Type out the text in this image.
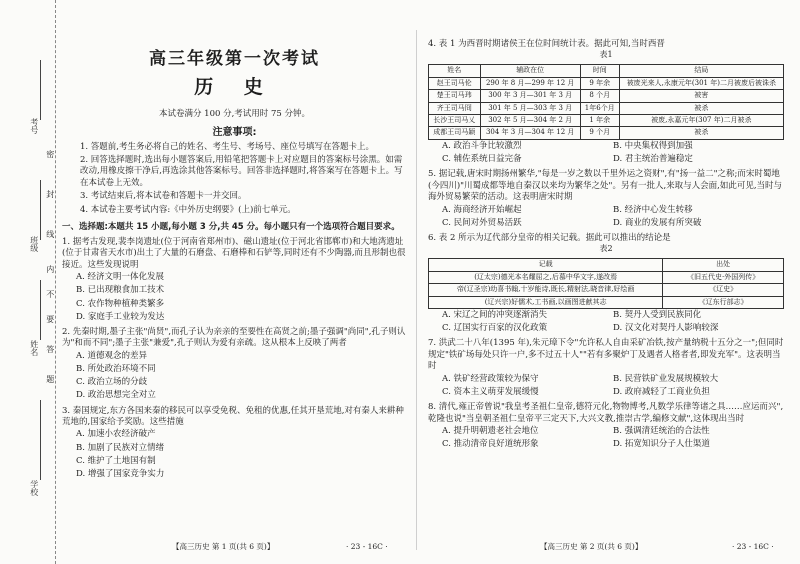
考号
班级
姓名
学校
密
封
线
内
不
要
答
题
高三年级第一次考试
历 史
本试卷满分 100 分,考试用时 75 分钟。
注意事项:
1. 答题前,考生务必将自己的姓名、考生号、考场号、座位号填写在答题卡上。
2. 回答选择题时,选出每小题答案后,用铅笔把答题卡上对应题目的答案标号涂黑。如需改动,用橡皮擦干净后,再选涂其他答案标号。回答非选择题时,将答案写在答题卡上。写在本试卷上无效。
3. 考试结束后,将本试卷和答题卡一并交回。
4. 本试卷主要考试内容:《中外历史纲要》(上)前七单元。
一、选择题:本题共 15 小题,每小题 3 分,共 45 分。每小题只有一个选项符合题目要求。
1. 据考古发现,裴李岗遗址(位于河南省郑州市)、磁山遗址(位于河北省邯郸市)和大地湾遗址(位于甘肃省天水市)出土了大量的石磨盘、石磨棒和石铲等,同时还有不少陶器,而且形制也很接近。这些发现说明
A. 经济文明一体化发展
B. 已出现粮食加工技术
C. 农作物种植种类繁多
D. 家庭手工业较为发达
2. 先秦时期,墨子主张"尚贤",而孔子认为亲亲的至要性在高贤之前;墨子强调"尚同",孔子则认为"和而不同";墨子主张"兼爱",孔子则认为爱有亲疏。这从根本上反映了两者
A. 道德观念的差异
B. 所处政治环境不同
C. 政治立场的分歧
D. 政治思想完全对立
3. 秦国规定,东方各国来秦的移民可以享受免税、免租的优惠,任其开垦荒地,对有秦人来耕种荒地的,国家给予奖励。这些措施
A. 加速小农经济破产
B. 加剧了民族对立情绪
C. 维护了土地国有制
D. 增强了国家竞争实力
4. 表 1 为西晋时期诸侯王在位时间统计表。据此可知,当时西晋
表1
姓名	辅政在位	时间	结局
赵王司马伦	290 年 8 月—299 年 12 月	9 年余	被废光来人,永康元年(301 年)二月被废后被诛杀
楚王司马玮	300 年 3 月—301 年 3 月	8 个月	被害
齐王司马冏	301 年 5 月—303 年 3 月	1年6个月	被杀
长沙王司马乂	302 年 5 月—304 年 2 月	1 年余	被废,永嘉元年(307 年)二月被杀
成都王司马颖	304 年 3 月—304 年 12 月	9 个月	被杀
A. 政治斗争比较激烈	B. 中央集权得到加强
C. 辅佐系统日益完备	D. 君主统治普遍稳定
5. 据记载,唐宋时期扬州繁华,"每是一岁之数以千里外运之资财",有"扬一益二"之称;而宋时蜀地(今四川)"川蜀成都等地自秦汉以来均为繁华之处"。另有一批人,来取与人会面,如此可见,当时与海外贸易繁荣的活动。这表明唐宋时期
A. 海商经济开始崛起	B. 经济中心发生转移
C. 民间对外贸易活跃	D. 商业的发展有所突破
6. 表 2 所示为辽代部分皇帝的相关记载。据此可以推出的结论是
表2
记载	出处
(辽太宗)德光本名耀屈之,后慕中华文字,遂改焉	《旧五代史·外国列传》
帝(辽圣宗)幼喜书翰,十岁能诗,既长,精射法,晓音律,好绘画	《辽史》
(辽兴宗)好儒术,工书画,以画图进献其志	《辽东行部志》
A. 宋辽之间的冲突逐渐消失	B. 契丹人受到民族同化
C. 辽国实行百家的汉化政策	D. 汉文化对契丹人影响较深
7. 洪武二十八年(1395 年),朱元璋下令"允许私人自由采矿冶铁,按产量纳税十五分之一";但同时规定"铁矿场每处只许一户,多不过五十人""若有多聚炉丁及遇者人格者者,即发充军"。这表明当时
A. 铁矿经营政策较为保守	B. 民营铁矿业发展规模较大
C. 资本主义萌芽发展缓慢	D. 政府减轻了工商业负担
8. 清代,雍正帝曾说"我皇考圣祖仁皇帝,德符元化,物物博考,凡数学乐律等诸之具……应运而兴",乾隆也说"当皇朝圣祖仁皇帝平三定天下,大兴文教,推崇古学,编修文献",这体现出当时
A. 提升明朝遗老社会地位	B. 强调清廷统治的合法性
C. 推动清帝良好道统形象	D. 拓宽知识分子人仕渠道
【高三历史 第 1 页(共 6 页)】	· 23 - 16C ·	【高三历史 第 2 页(共 6 页)】	· 23 - 16C ·
